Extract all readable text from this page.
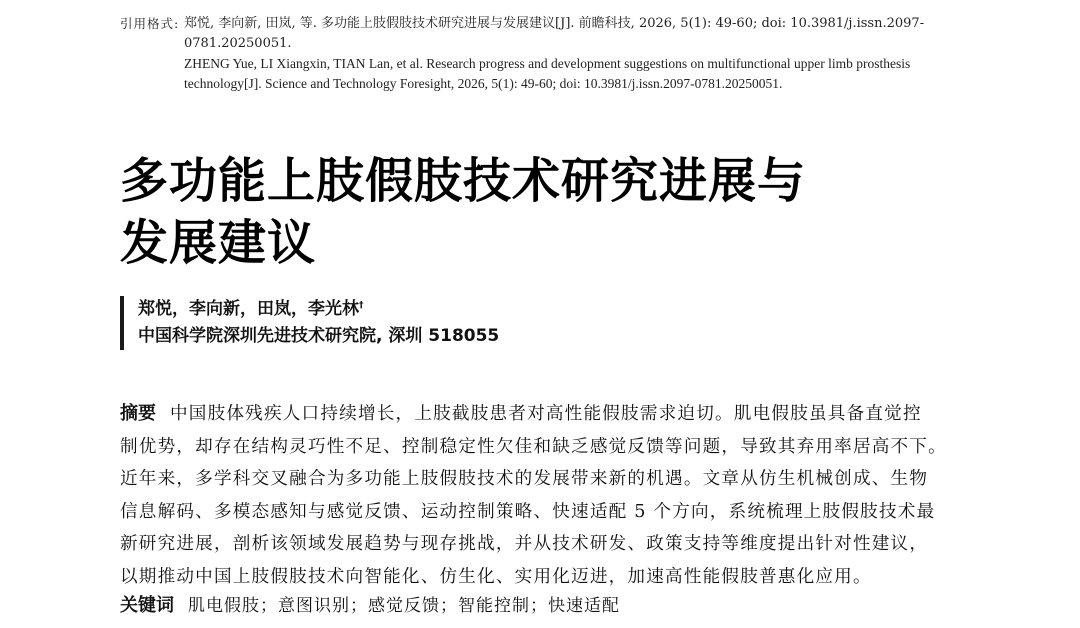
引用格式: 郑悦, 李向新, 田岚, 等. 多功能上肢假肢技术研究进展与发展建议[J]. 前瞻科技, 2026, 5(1): 49-60; doi: 10.3981/j.issn.2097-
0781.20250051.
ZHENG Yue, LI Xiangxin, TIAN Lan, et al. Research progress and development suggestions on multifunctional upper limb prosthesis
technology[J]. Science and Technology Foresight, 2026, 5(1): 49-60; doi: 10.3981/j.issn.2097-0781.20250051.
多功能上肢假肢技术研究进展与
发展建议
郑悦，李向新，田岚，李光林†
中国科学院深圳先进技术研究院, 深圳 518055
摘要 中国肢体残疾人口持续增长，上肢截肢患者对高性能假肢需求迫切。肌电假肢虽具备直觉控
制优势，却存在结构灵巧性不足、控制稳定性欠佳和缺乏感觉反馈等问题，导致其弃用率居高不下。
近年来，多学科交叉融合为多功能上肢假肢技术的发展带来新的机遇。文章从仿生机械创成、生物
信息解码、多模态感知与感觉反馈、运动控制策略、快速适配 5 个方向，系统梳理上肢假肢技术最
新研究进展，剖析该领域发展趋势与现存挑战，并从技术研发、政策支持等维度提出针对性建议，
以期推动中国上肢假肢技术向智能化、仿生化、实用化迈进，加速高性能假肢普惠化应用。
关键词 肌电假肢；意图识别；感觉反馈；智能控制；快速适配
